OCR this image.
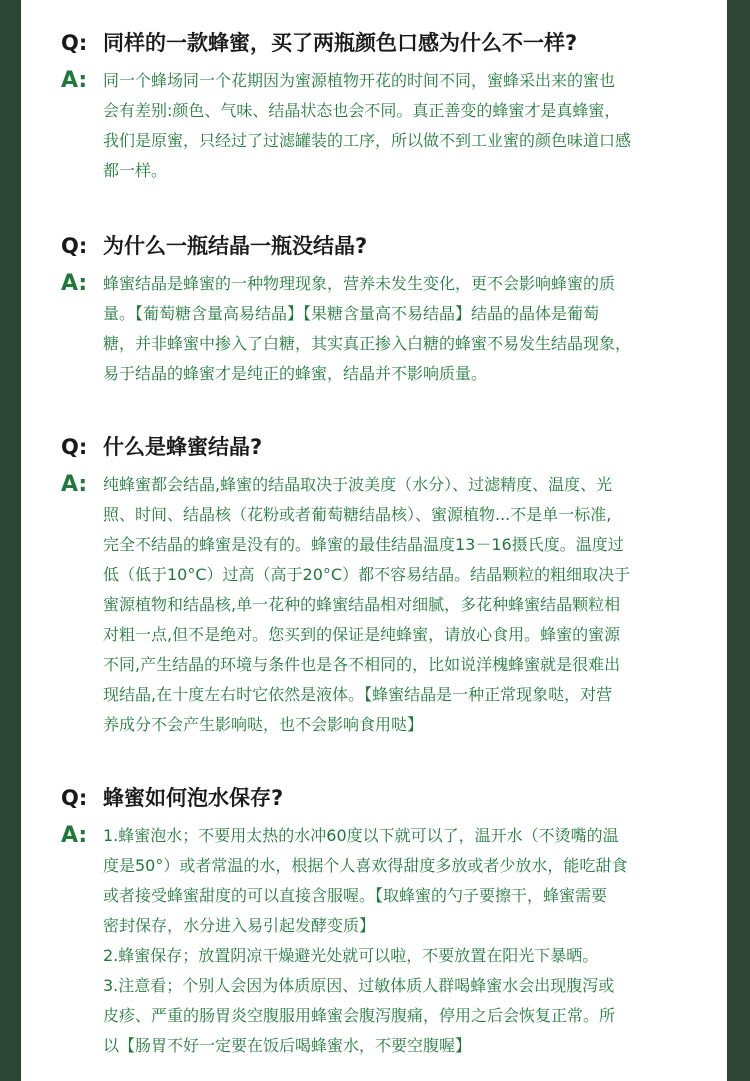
Q: 同样的一款蜂蜜，买了两瓶颜色口感为什么不一样?
A: 同一个蜂场同一个花期因为蜜源植物开花的时间不同，蜜蜂采出来的蜜也
会有差别:颜色、气味、结晶状态也会不同。真正善变的蜂蜜才是真蜂蜜，
我们是原蜜，只经过了过滤罐装的工序，所以做不到工业蜜的颜色味道口感
都一样。
Q: 为什么一瓶结晶一瓶没结晶?
A: 蜂蜜结晶是蜂蜜的一种物理现象，营养未发生变化，更不会影响蜂蜜的质
量。【葡萄糖含量高易结晶】【果糖含量高不易结晶】结晶的晶体是葡萄
糖，并非蜂蜜中掺入了白糖，其实真正掺入白糖的蜂蜜不易发生结晶现象，
易于结晶的蜂蜜才是纯正的蜂蜜，结晶并不影响质量。
Q: 什么是蜂蜜结晶?
A: 纯蜂蜜都会结晶,蜂蜜的结晶取决于波美度（水分）、过滤精度、温度、光
照、时间、结晶核（花粉或者葡萄糖结晶核）、蜜源植物...不是单一标准,
完全不结晶的蜂蜜是没有的。蜂蜜的最佳结晶温度13－16摄氏度。温度过
低（低于10°C）过高（高于20°C）都不容易结晶。结晶颗粒的粗细取决于
蜜源植物和结晶核,单一花种的蜂蜜结晶相对细腻，多花种蜂蜜结晶颗粒相
对粗一点,但不是绝对。您买到的保证是纯蜂蜜，请放心食用。蜂蜜的蜜源
不同,产生结晶的环境与条件也是各不相同的，比如说洋槐蜂蜜就是很难出
现结晶,在十度左右时它依然是液体。【蜂蜜结晶是一种正常现象哒，对营
养成分不会产生影响哒，也不会影响食用哒】
Q: 蜂蜜如何泡水保存?
A: 1.蜂蜜泡水；不要用太热的水冲60度以下就可以了，温开水（不烫嘴的温
度是50°）或者常温的水，根据个人喜欢得甜度多放或者少放水，能吃甜食
或者接受蜂蜜甜度的可以直接含服喔。【取蜂蜜的勺子要擦干，蜂蜜需要
密封保存，水分进入易引起发酵变质】
2.蜂蜜保存；放置阴凉干燥避光处就可以啦，不要放置在阳光下暴晒。
3.注意看；个别人会因为体质原因、过敏体质人群喝蜂蜜水会出现腹泻或
皮疹、严重的肠胃炎空腹服用蜂蜜会腹泻腹痛，停用之后会恢复正常。所
以【肠胃不好一定要在饭后喝蜂蜜水，不要空腹喔】
